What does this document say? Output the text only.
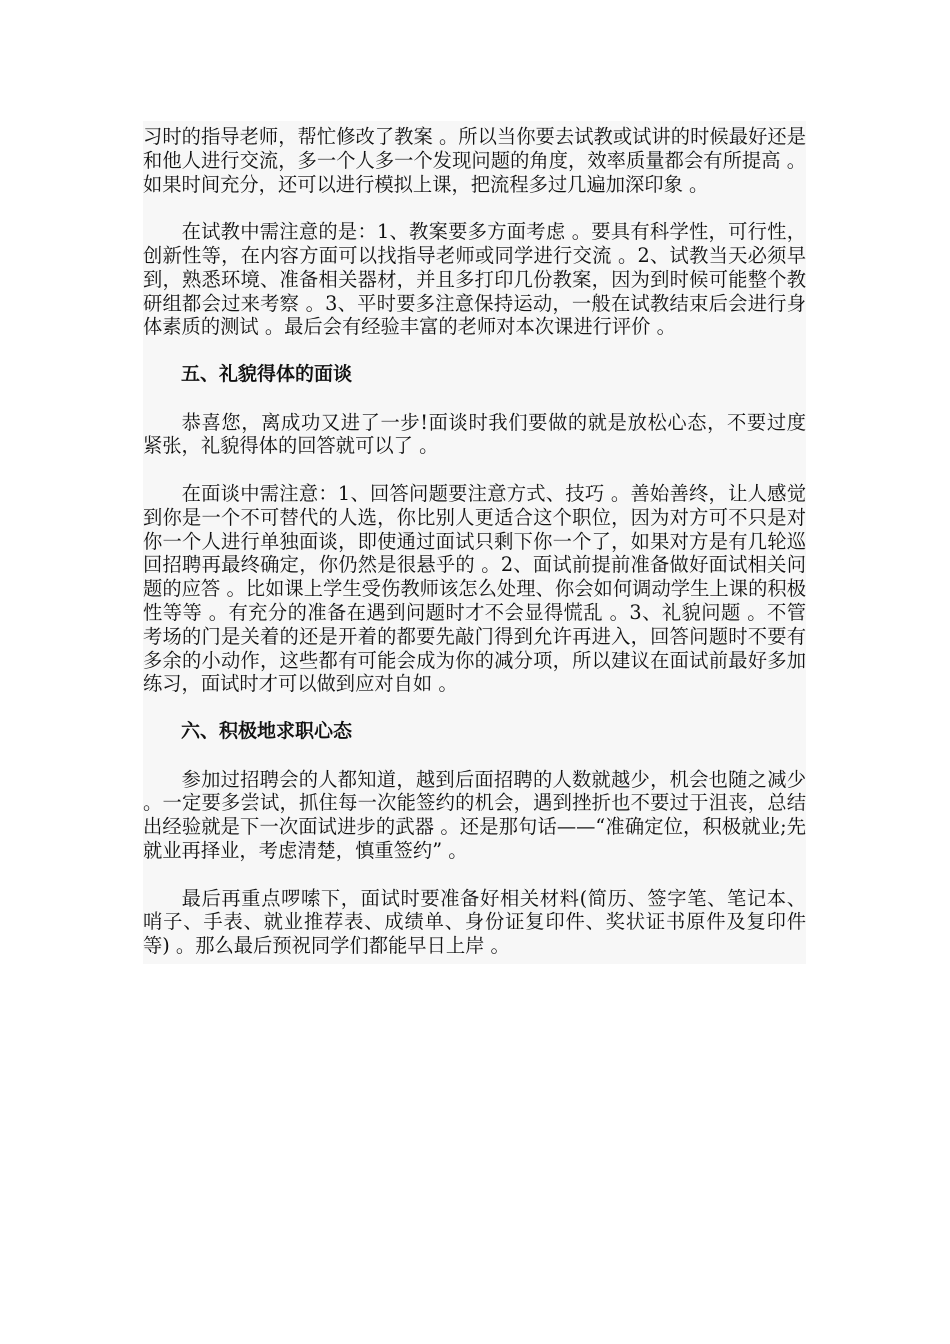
习时的指导老师，帮忙修改了教案 。所以当你要去试教或试讲的时候最好还是和他人进行交流，多一个人多一个发现问题的角度，效率质量都会有所提高 。如果时间充分，还可以进行模拟上课，把流程多过几遍加深印象 。

在试教中需注意的是：1、教案要多方面考虑 。要具有科学性，可行性，创新性等，在内容方面可以找指导老师或同学进行交流 。2、试教当天必须早到，熟悉环境、准备相关器材，并且多打印几份教案，因为到时候可能整个教研组都会过来考察 。3、平时要多注意保持运动，一般在试教结束后会进行身体素质的测试 。最后会有经验丰富的老师对本次课进行评价 。

五、礼貌得体的面谈

恭喜您，离成功又进了一步!面谈时我们要做的就是放松心态，不要过度紧张，礼貌得体的回答就可以了 。

在面谈中需注意：1、回答问题要注意方式、技巧 。善始善终，让人感觉到你是一个不可替代的人选，你比别人更适合这个职位，因为对方可不只是对你一个人进行单独面谈，即使通过面试只剩下你一个了，如果对方是有几轮巡回招聘再最终确定，你仍然是很悬乎的 。2、面试前提前准备做好面试相关问题的应答 。比如课上学生受伤教师该怎么处理、你会如何调动学生上课的积极性等等 。有充分的准备在遇到问题时才不会显得慌乱 。3、礼貌问题 。不管考场的门是关着的还是开着的都要先敲门得到允许再进入，回答问题时不要有多余的小动作，这些都有可能会成为你的减分项，所以建议在面试前最好多加练习，面试时才可以做到应对自如 。

六、积极地求职心态

参加过招聘会的人都知道，越到后面招聘的人数就越少，机会也随之减少 。一定要多尝试，抓住每一次能签约的机会，遇到挫折也不要过于沮丧，总结出经验就是下一次面试进步的武器 。还是那句话——“准确定位，积极就业;先就业再择业，考虑清楚，慎重签约” 。

最后再重点啰嗦下，面试时要准备好相关材料(简历、签字笔、笔记本、哨子、手表、就业推荐表、成绩单、身份证复印件、奖状证书原件及复印件等) 。那么最后预祝同学们都能早日上岸 。
